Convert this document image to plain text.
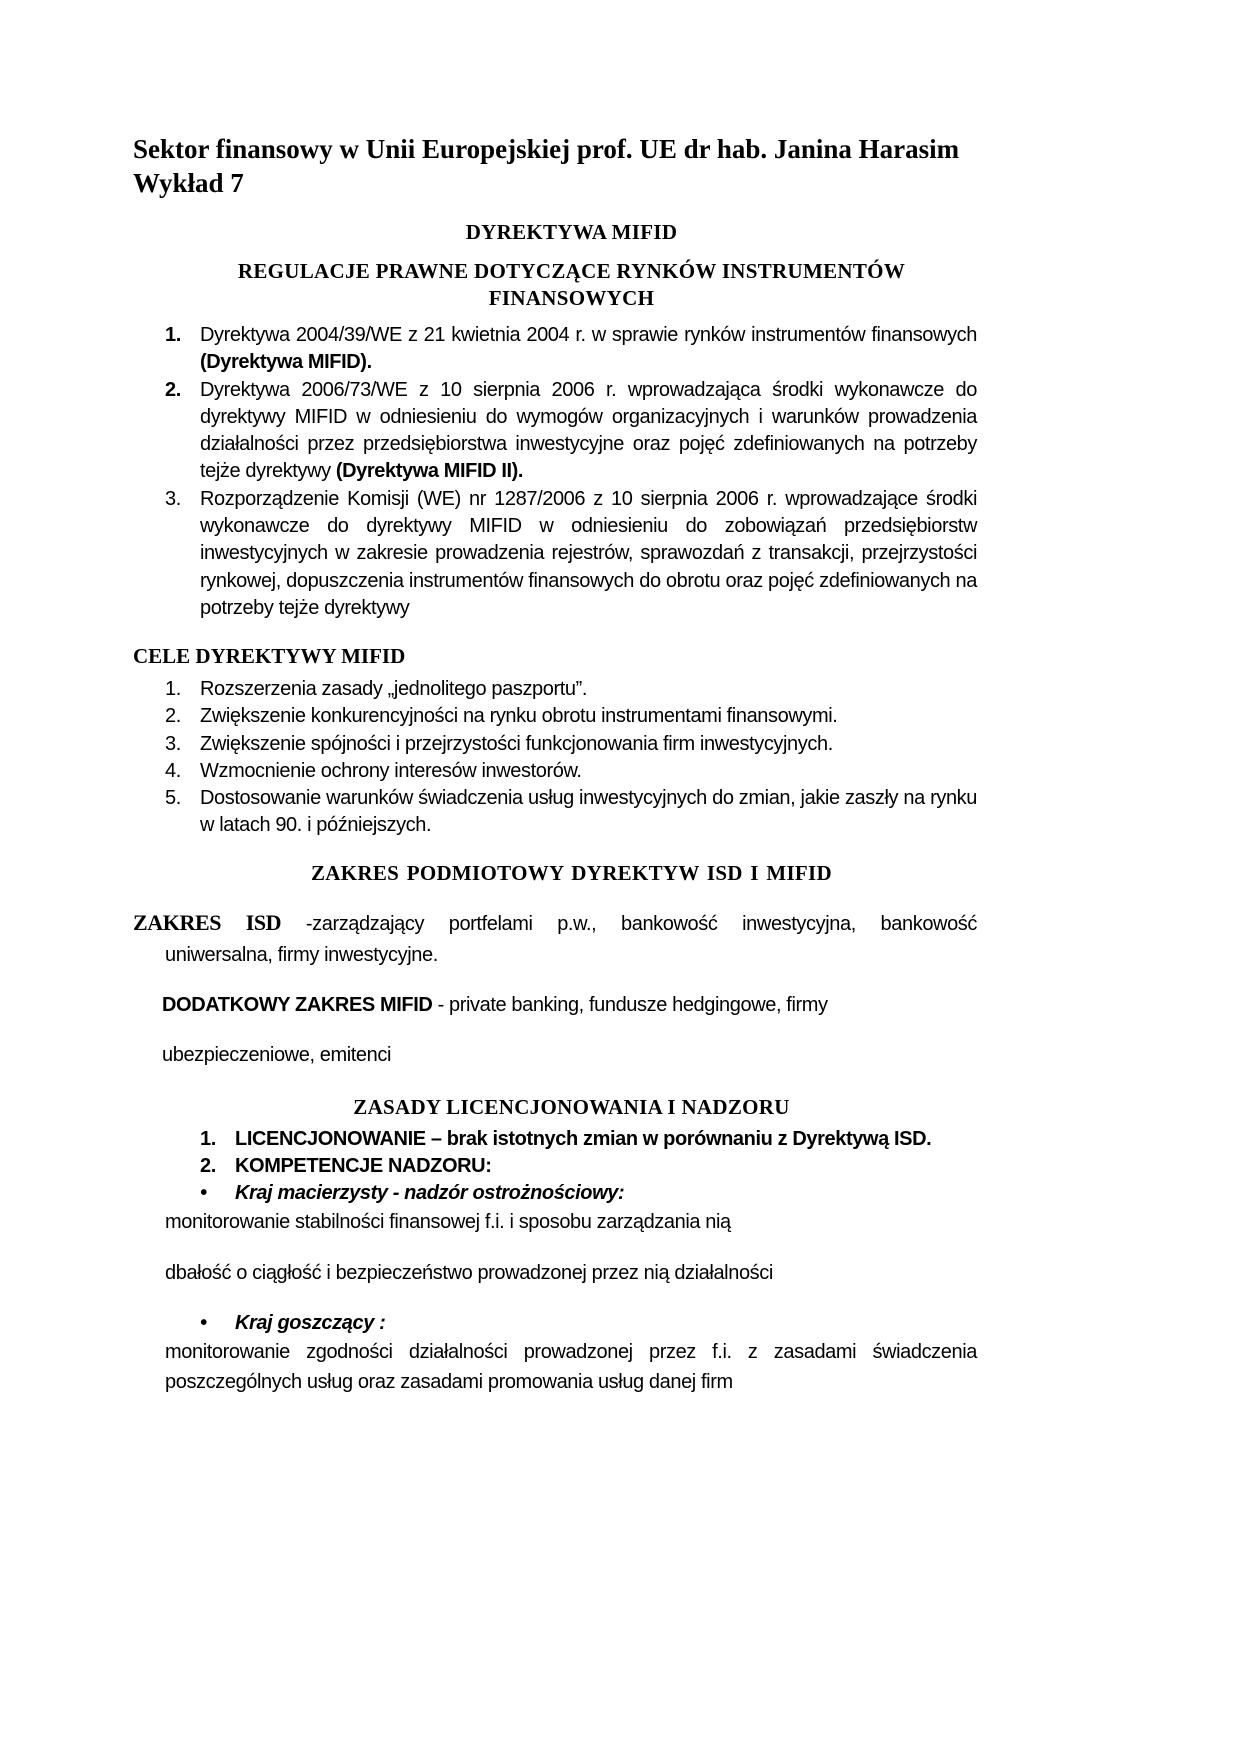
Sektor finansowy w Unii Europejskiej prof. UE dr hab. Janina Harasim
Wykład 7
DYREKTYWA MIFID
REGULACJE PRAWNE DOTYCZĄCE RYNKÓW INSTRUMENTÓW
FINANSOWYCH
1. Dyrektywa 2004/39/WE z 21 kwietnia 2004 r. w sprawie rynków instrumentów finansowych (Dyrektywa MIFID).
2. Dyrektywa 2006/73/WE z 10 sierpnia 2006 r. wprowadzająca środki wykonawcze do dyrektywy MIFID w odniesieniu do wymogów organizacyjnych i warunków prowadzenia działalności przez przedsiębiorstwa inwestycyjne oraz pojęć zdefiniowanych na potrzeby tejże dyrektywy (Dyrektywa MIFID II).
3. Rozporządzenie Komisji (WE) nr 1287/2006 z 10 sierpnia 2006 r. wprowadzające środki wykonawcze do dyrektywy MIFID w odniesieniu do zobowiązań przedsiębiorstw inwestycyjnych w zakresie prowadzenia rejestrów, sprawozdań z transakcji, przejrzystości rynkowej, dopuszczenia instrumentów finansowych do obrotu oraz pojęć zdefiniowanych na potrzeby tejże dyrektywy
CELE DYREKTYWY MIFID
1. Rozszerzenia zasady „jednolitego paszportu”.
2. Zwiększenie konkurencyjności na rynku obrotu instrumentami finansowymi.
3. Zwiększenie spójności i przejrzystości funkcjonowania firm inwestycyjnych.
4. Wzmocnienie ochrony interesów inwestorów.
5. Dostosowanie warunków świadczenia usług inwestycyjnych do zmian, jakie zaszły na rynku w latach 90. i późniejszych.
ZAKRES PODMIOTOWY DYREKTYW ISD I MIFID
ZAKRES ISD -zarządzający portfelami p.w., bankowość inwestycyjna, bankowość
uniwersalna, firmy inwestycyjne.
DODATKOWY ZAKRES MIFID - private banking, fundusze hedgingowe, firmy
ubezpieczeniowe, emitenci
ZASADY LICENCJONOWANIA I NADZORU
1. LICENCJONOWANIE – brak istotnych zmian w porównaniu z Dyrektywą ISD.
2. KOMPETENCJE NADZORU:
• Kraj macierzysty - nadzór ostrożnościowy:
monitorowanie stabilności finansowej f.i. i sposobu zarządzania nią
dbałość o ciągłość i bezpieczeństwo prowadzonej przez nią działalności
• Kraj goszczący :
monitorowanie zgodności działalności prowadzonej przez f.i. z zasadami świadczenia poszczególnych usług oraz zasadami promowania usług danej firm
